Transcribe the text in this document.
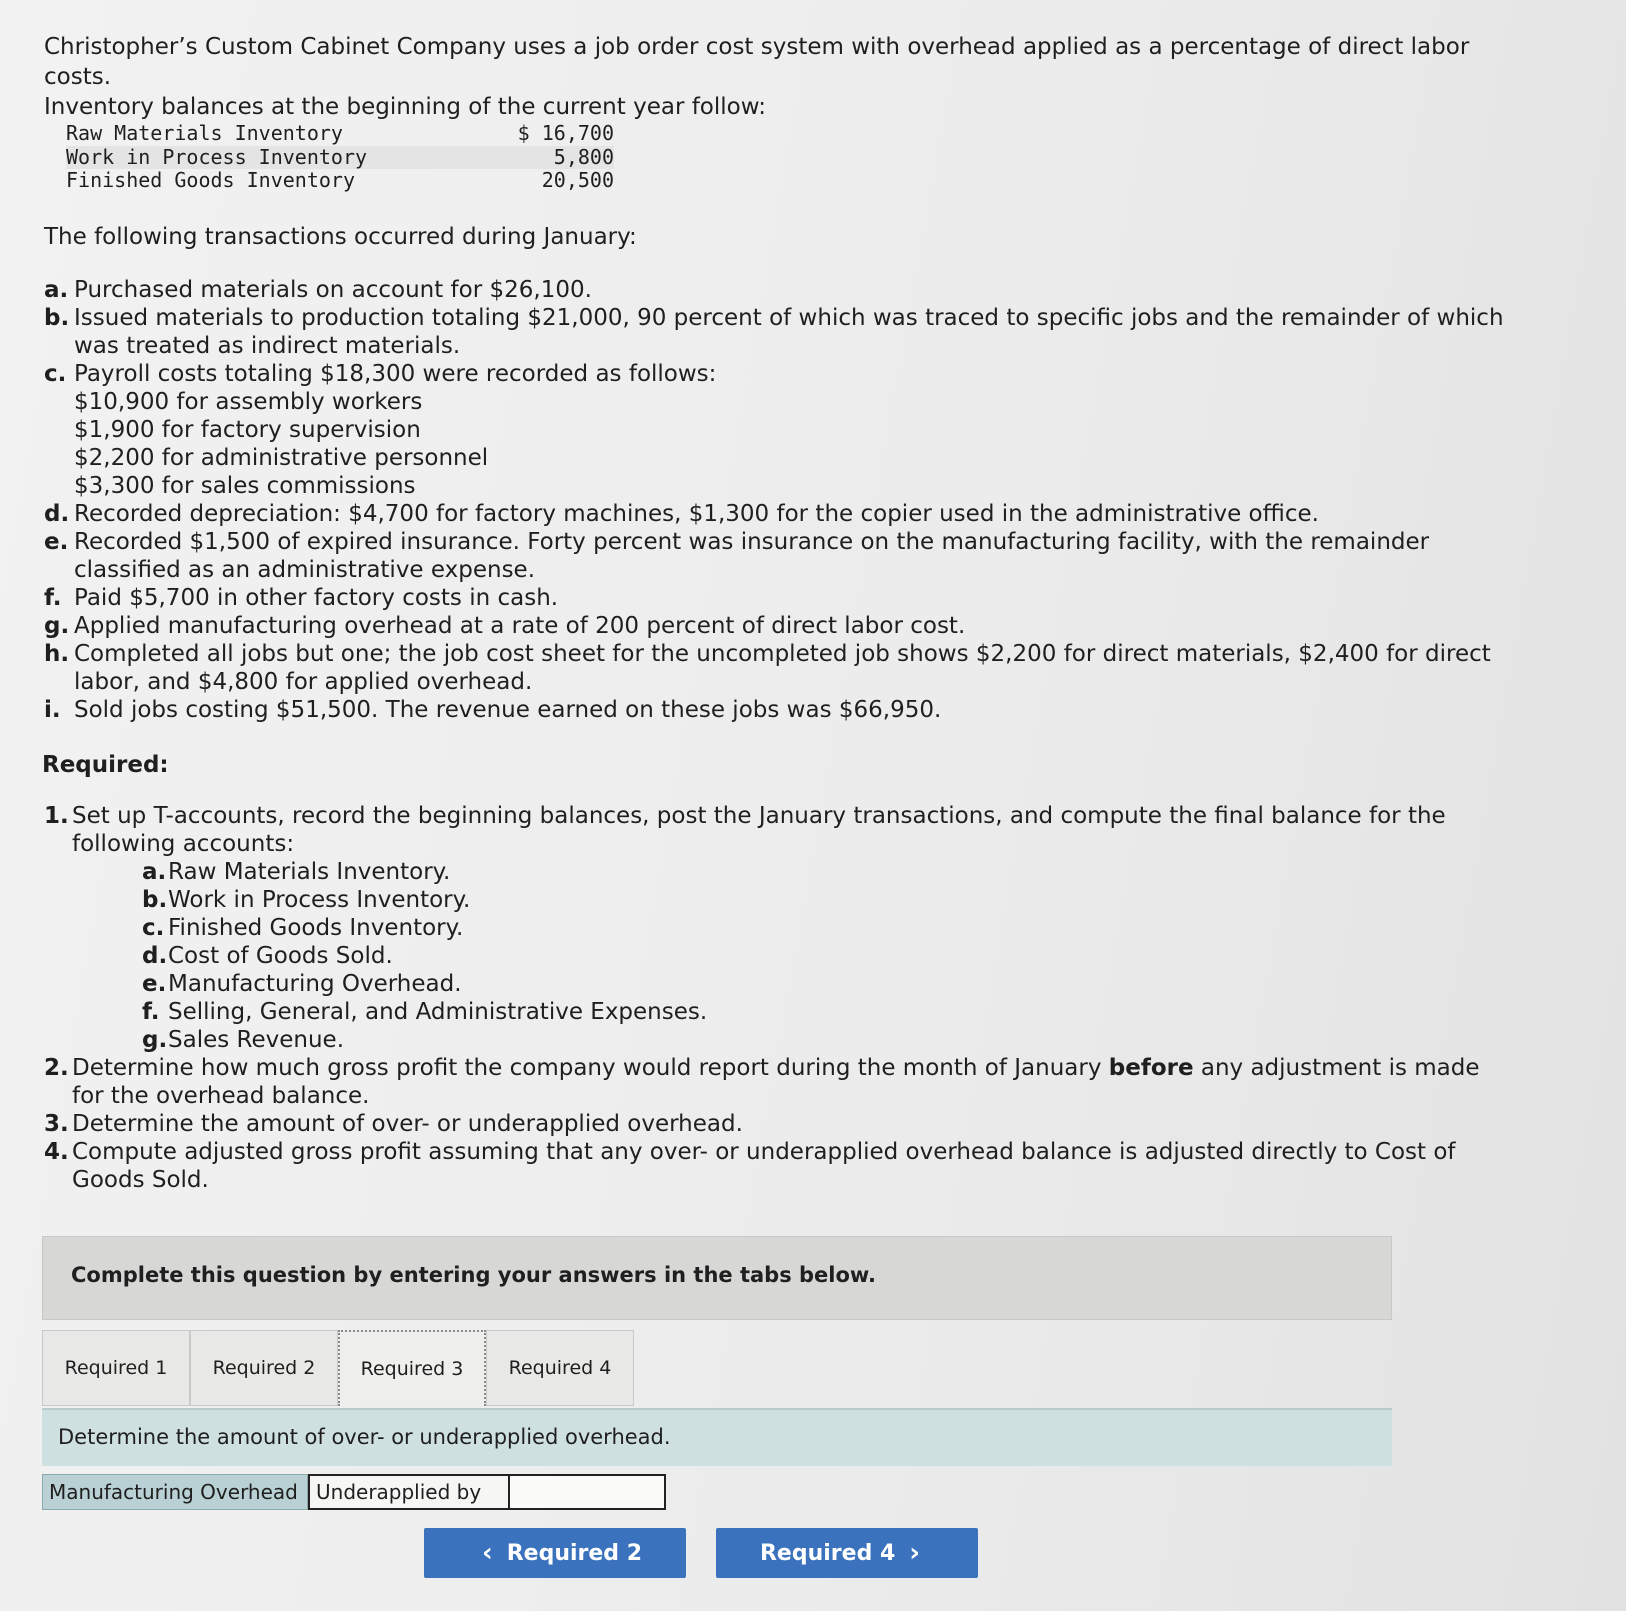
Christopher’s Custom Cabinet Company uses a job order cost system with overhead applied as a percentage of direct labor costs.
Inventory balances at the beginning of the current year follow:
Raw Materials Inventory	$ 16,700
Work in Process Inventory	5,800
Finished Goods Inventory	20,500
The following transactions occurred during January:
a. Purchased materials on account for $26,100.
b. Issued materials to production totaling $21,000, 90 percent of which was traced to specific jobs and the remainder of which was treated as indirect materials.
c. Payroll costs totaling $18,300 were recorded as follows:
$10,900 for assembly workers
$1,900 for factory supervision
$2,200 for administrative personnel
$3,300 for sales commissions
d. Recorded depreciation: $4,700 for factory machines, $1,300 for the copier used in the administrative office.
e. Recorded $1,500 of expired insurance. Forty percent was insurance on the manufacturing facility, with the remainder classified as an administrative expense.
f. Paid $5,700 in other factory costs in cash.
g. Applied manufacturing overhead at a rate of 200 percent of direct labor cost.
h. Completed all jobs but one; the job cost sheet for the uncompleted job shows $2,200 for direct materials, $2,400 for direct labor, and $4,800 for applied overhead.
i. Sold jobs costing $51,500. The revenue earned on these jobs was $66,950.
Required:
1. Set up T-accounts, record the beginning balances, post the January transactions, and compute the final balance for the following accounts:
a. Raw Materials Inventory.
b. Work in Process Inventory.
c. Finished Goods Inventory.
d. Cost of Goods Sold.
e. Manufacturing Overhead.
f. Selling, General, and Administrative Expenses.
g. Sales Revenue.
2. Determine how much gross profit the company would report during the month of January before any adjustment is made for the overhead balance.
3. Determine the amount of over- or underapplied overhead.
4. Compute adjusted gross profit assuming that any over- or underapplied overhead balance is adjusted directly to Cost of Goods Sold.
Complete this question by entering your answers in the tabs below.
Required 1	Required 2	Required 3	Required 4
Determine the amount of over- or underapplied overhead.
Manufacturing Overhead Underapplied by
‹ Required 2	Required 4 ›
